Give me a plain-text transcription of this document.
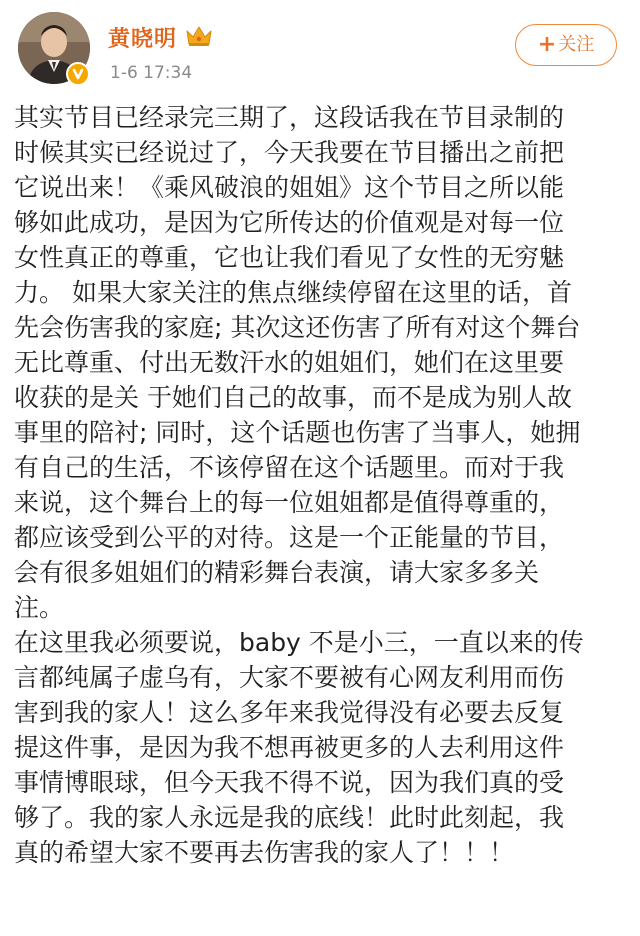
黄晓明
1-6 17:34
+ 关注

其实节目已经录完三期了，这段话我在节目录制的
时候其实已经说过了，今天我要在节目播出之前把
它说出来！《乘风破浪的姐姐》这个节目之所以能
够如此成功，是因为它所传达的价值观是对每一位
女性真正的尊重，它也让我们看见了女性的无穷魅
力。 如果大家关注的焦点继续停留在这里的话，首
先会伤害我的家庭; 其次这还伤害了所有对这个舞台
无比尊重、付出无数汗水的姐姐们，她们在这里要
收获的是关 于她们自己的故事，而不是成为别人故
事里的陪衬; 同时，这个话题也伤害了当事人，她拥
有自己的生活，不该停留在这个话题里。而对于我
来说，这个舞台上的每一位姐姐都是值得尊重的，
都应该受到公平的对待。这是一个正能量的节目，
会有很多姐姐们的精彩舞台表演，请大家多多关
注。

在这里我必须要说，baby 不是小三，一直以来的传
言都纯属子虚乌有，大家不要被有心网友利用而伤
害到我的家人！这么多年来我觉得没有必要去反复
提这件事，是因为我不想再被更多的人去利用这件
事情博眼球，但今天我不得不说，因为我们真的受
够了。我的家人永远是我的底线！此时此刻起，我
真的希望大家不要再去伤害我的家人了！！！
